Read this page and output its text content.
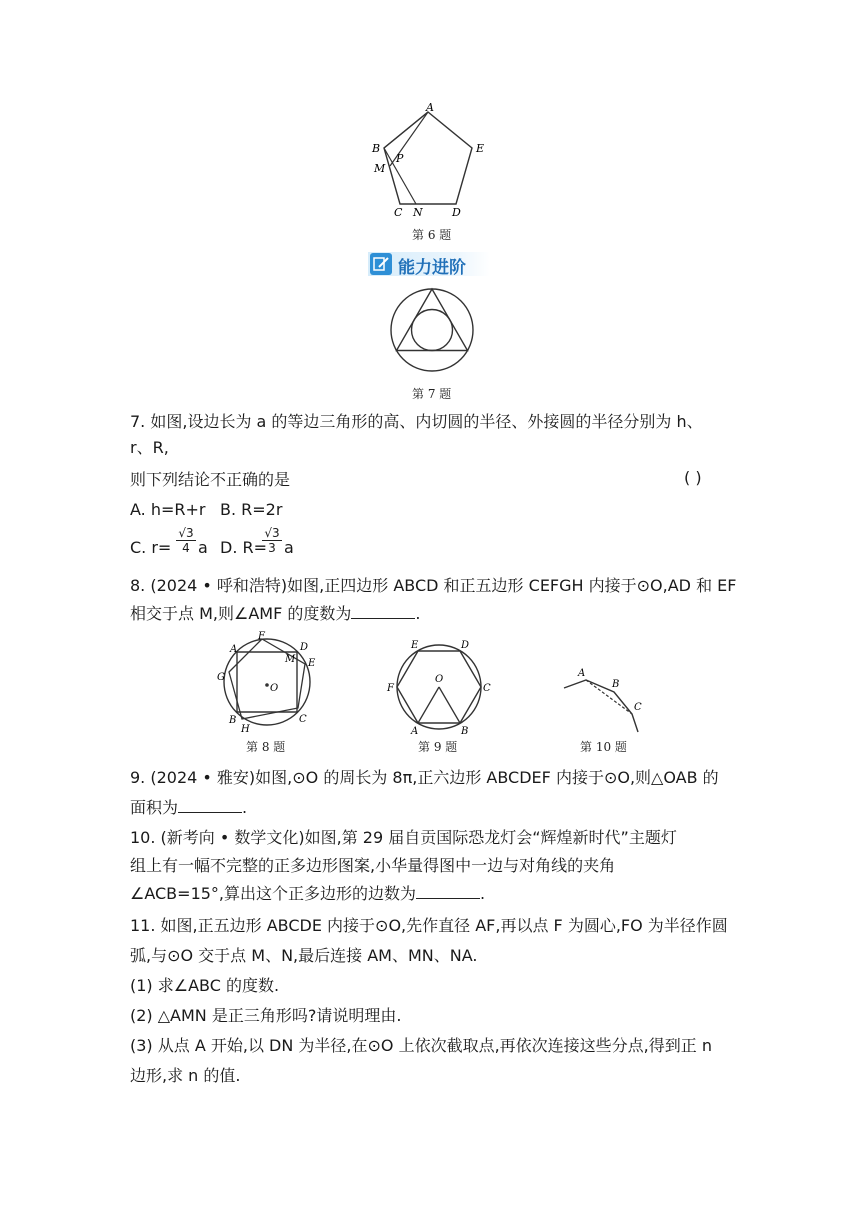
A
B
P
M
E
C N	D
第 6 题
能力进阶
第 7 题
7. 如图,设边长为 a 的等边三角形的高、内切圆的半径、外接圆的半径分别为 h、
r、R,
则下列结论不正确的是	( )
A. h=R+r B. R=2r
C. $r= \frac{√3}{4}$ a D. R=
$\frac{√3}{3}$ a
8. (2024 • 呼和浩特)如图,正四边形 ABCD 和正五边形 CEFGH 内接于⊙O,AD 和 EF
相交于点 M,则∠AMF 的度数为	.
A
F
D
M E
G
O
B
H
C
第 8 题
E	D
F
O
C
A	B
第 9 题
A
B
C
第 10 题
9. (2024 • 雅安)如图,⊙O 的周长为 8π,正六边形 ABCDEF 内接于⊙O,则△OAB 的
面积为	.
10. (新考向 • 数学文化)如图,第 29 届自贡国际恐龙灯会“辉煌新时代”主题灯
组上有一幅不完整的正多边形图案,小华量得图中一边与对角线的夹角
∠ACB=15°,算出这个正多边形的边数为	.
11. 如图,正五边形 ABCDE 内接于⊙O,先作直径 AF,再以点 F 为圆心,FO 为半径作圆
弧,与⊙O 交于点 M、N,最后连接 AM、MN、NA.
(1) 求∠ABC 的度数.
(2) △AMN 是正三角形吗?请说明理由.
(3) 从点 A 开始,以 DN 为半径,在⊙O 上依次截取点,再依次连接这些分点,得到正 n
边形,求 n 的值.
